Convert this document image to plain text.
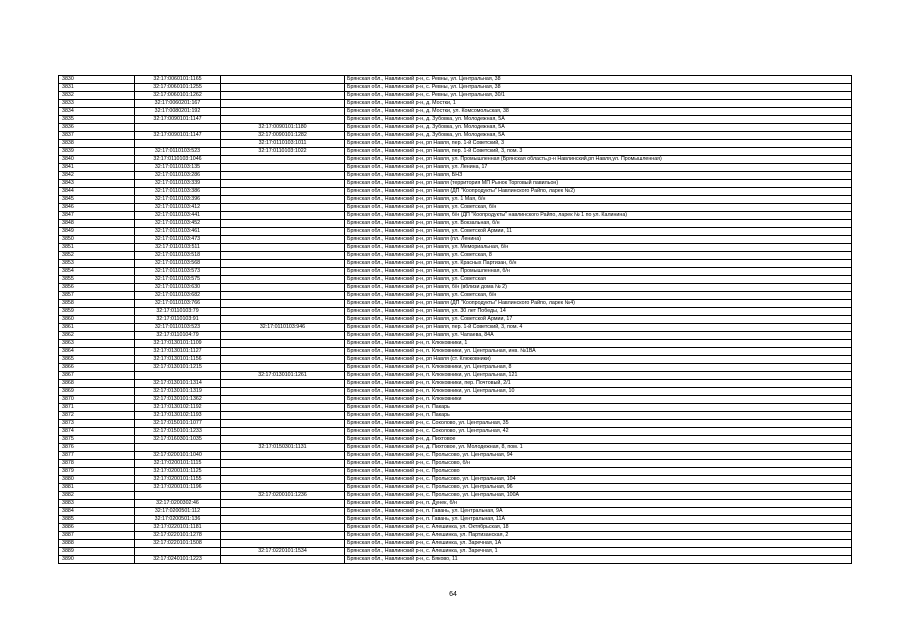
3830	32:17:0060101:1165		Брянская обл., Навлинский р-н, с. Ревны, ул. Центральная, 38
3831	32:17:0060101:1255		Брянская обл., Навлинский р-н, с. Ревны, ул. Центральная, 38
3832	32:17:0060101:1262		Брянская обл., Навлинский р-н, с. Ревны, ул. Центральная, 30/1
3833	32:17:0060201:167		Брянская обл., Навлинский р-н, д. Мостки, 1
3834	32:17:0080201:192		Брянская обл., Навлинский р-н, д. Мостки, ул. Комсомольская, 38
3835	32:17:0090101:1147		Брянская обл., Навлинский р-н, д. Зубовка, ул. Молодежная, 5А
3836		32:17:0090101:1180	Брянская обл., Навлинский р-н, д. Зубовка, ул. Молодежная, 5А
3837	32:17:0090101:1147	32:17:0090101:1282	Брянская обл., Навлинский р-н, д. Зубовка, ул. Молодежная, 5А
3838		32:17:0110103:1011	Брянская обл., Навлинский р-н, рп Навля, пер. 1-й Советский, 3
3839	32:17:0110103:523	32:17:0110103:1022	Брянская обл., Навлинский р-н, рп Навля, пер. 1-й Советский, 3, пом. 3
3840	32:17:0110103:1046		Брянская обл., Навлинский р-н, рп Навля, ул. Промышленная (Брянская область,р-н Навлинский,рп Навля,ул. Промышленная)
3841	32:17:0110103:135		Брянская обл., Навлинский р-н, рп Навля, ул. Ленина, 17
3842	32:17:0110103:286		Брянская обл., Навлинский р-н, рп Навля, БНЗ
3843	32:17:0110103:339		Брянская обл., Навлинский р-н, рп Навля (территория МП Рынок Торговый павильон)
3844	32:17:0110103:386		Брянская обл., Навлинский р-н, рп Навля (ДП "Коопродукты" Навлинского Райпо, ларек №2)
3845	32:17:0110103:396		Брянская обл., Навлинский р-н, рп Навля, ул. 1 Мая, б/н
3846	32:17:0110103:412		Брянская обл., Навлинский р-н, рп Навля, ул. Советская, б/н
3847	32:17:0110103:441		Брянская обл., Навлинский р-н, рп Навля, б/н (ДП "Коопродукты" навлинского Райпо, ларек № 1 по ул. Калинина)
3848	32:17:0110103:452		Брянская обл., Навлинский р-н, рп Навля, ул. Вокзальная, б/н
3849	32:17:0110103:461		Брянская обл., Навлинский р-н, рп Навля, ул. Советской Армии, 11
3850	32:17:0110103:473		Брянская обл., Навлинский р-н, рп Навля (пл. Ленина)
3851	32:17:0110103:511		Брянская обл., Навлинский р-н, рп Навля, ул. Мемориальная, б/н
3852	32:17:0110103:518		Брянская обл., Навлинский р-н, рп Навля, ул. Советская, 8
3853	32:17:0110103:568		Брянская обл., Навлинский р-н, рп Навля, ул. Красных Партизан, б/н
3854	32:17:0110103:573		Брянская обл., Навлинский р-н, рп Навля, ул. Промышленная, б/н
3855	32:17:0110103:575		Брянская обл., Навлинский р-н, рп Навля, ул. Советская
3856	32:17:0110103:630		Брянская обл., Навлинский р-н, рп Навля, б/н (вблизи дома № 2)
3857	32:17:0110103:682		Брянская обл., Навлинский р-н, рп Навля, ул. Советская, б/н
3858	32:17:0110103:766		Брянская обл., Навлинский р-н, рп Навля (ДП "Коопродукты" Навлинского Райпо, ларек №4)
3859	32:17:0110103:79		Брянская обл., Навлинский р-н, рп Навля, ул. 30 лет Победы, 14
3860	32:17:0110103:91		Брянская обл., Навлинский р-н, рп Навля, ул. Советской Армии, 17
3861	32:17:0110103:523	32:17:0110103:946	Брянская обл., Навлинский р-н, рп Навля, пер. 1-й Советский, 3, пом. 4
3862	32:17:0110104:79		Брянская обл., Навлинский р-н, рп Навля, ул. Чапаева, 84А
3863	32:17:0130101:1109		Брянская обл., Навлинский р-н, п. Клюковники, 1
3864	32:17:0130101:1127		Брянская обл., Навлинский р-н, п. Клюковники, ул. Центральная, инв. №1ВА
3865	32:17:0130101:1156		Брянская обл., Навлинский р-н, рп Навля (ст. Клюковники)
3866	32:17:0130101:1215		Брянская обл., Навлинский р-н, п. Клюковники, ул. Центральная, 8
3867		32:17:0130101:1261	Брянская обл., Навлинский р-н, п. Клюковники, ул. Центральная, 121
3868	32:17:0130101:1314		Брянская обл., Навлинский р-н, п. Клюковники, пер. Почтовый, 2/1
3869	32:17:0130101:1319		Брянская обл., Навлинский р-н, п. Клюковники, ул. Центральная, 10
3870	32:17:0130101:1362		Брянская обл., Навлинский р-н, п. Клюковники
3871	32:17:0130102:1192		Брянская обл., Навлинский р-н, п. Пакарь
3872	32:17:0130102:1193		Брянская обл., Навлинский р-н, п. Пакарь
3873	32:17:0150101:1077		Брянская обл., Навлинский р-н, с. Соколово, ул. Центральная, 35
3874	32:17:0150101:1233		Брянская обл., Навлинский р-н, с. Соколово, ул. Центральная, 42
3875	32:17:0160301:1035		Брянская обл., Навлинский р-н, д. Пихтовое
3876		32:17:0150301:1131	Брянская обл., Навлинский р-н, д. Пихтовое, ул. Молодежная, 8, пом. 1
3877	32:17:0200101:1040		Брянская обл., Навлинский р-н, с. Пролысово, ул. Центральная, 94
3878	32:17:0200101:1115		Брянская обл., Навлинский р-н, с. Пролысово, б/н
3879	32:17:0200101:1125		Брянская обл., Навлинский р-н, с. Пролысово
3880	32:17:0200101:1155		Брянская обл., Навлинский р-н, с. Пролысово, ул. Центральная, 104
3881	32:17:0200101:1196		Брянская обл., Навлинский р-н, с. Пролысово, ул. Центральная, 96
3882		32:17:0200101:1236	Брянская обл., Навлинский р-н, с. Пролысово, ул. Центральная, 100А
3883	32:17:0200302:46		Брянская обл., Навлинский р-н, п. Дунек, б/н
3884	32:17:0200501:112		Брянская обл., Навлинский р-н, п. Гавань, ул. Центральная, 9А
3885	32:17:0200501:136		Брянская обл., Навлинский р-н, п. Гавань, ул. Центральная, 11А
3886	32:17:0220101:1181		Брянская обл., Навлинский р-н, с. Алешинка, ул. Октябрьская, 18
3887	32:17:0220101:1278		Брянская обл., Навлинский р-н, с. Алешинка, ул. Партизанская, 2
3888	32:17:0220101:1508		Брянская обл., Навлинский р-н, с. Алешинка, ул. Заречная, 1А
3889		32:17:0220101:1534	Брянская обл., Навлинский р-н, с. Алешинка, ул. Заречная, 1
3890	32:17:0240101:1223		Брянская обл., Навлинский р-н, с. Бяково, 11
64
